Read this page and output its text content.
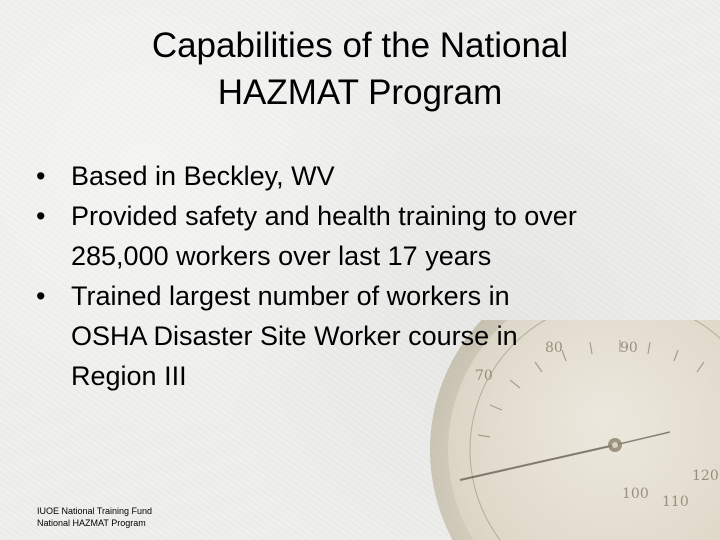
70
80	90
100 110
120
Capabilities of the National
HAZMAT Program
• Based in Beckley, WV
• Provided safety and health training to over
285,000 workers over last 17 years
• Trained largest number of workers in
OSHA Disaster Site Worker course in
Region III
IUOE National Training Fund
National HAZMAT Program
